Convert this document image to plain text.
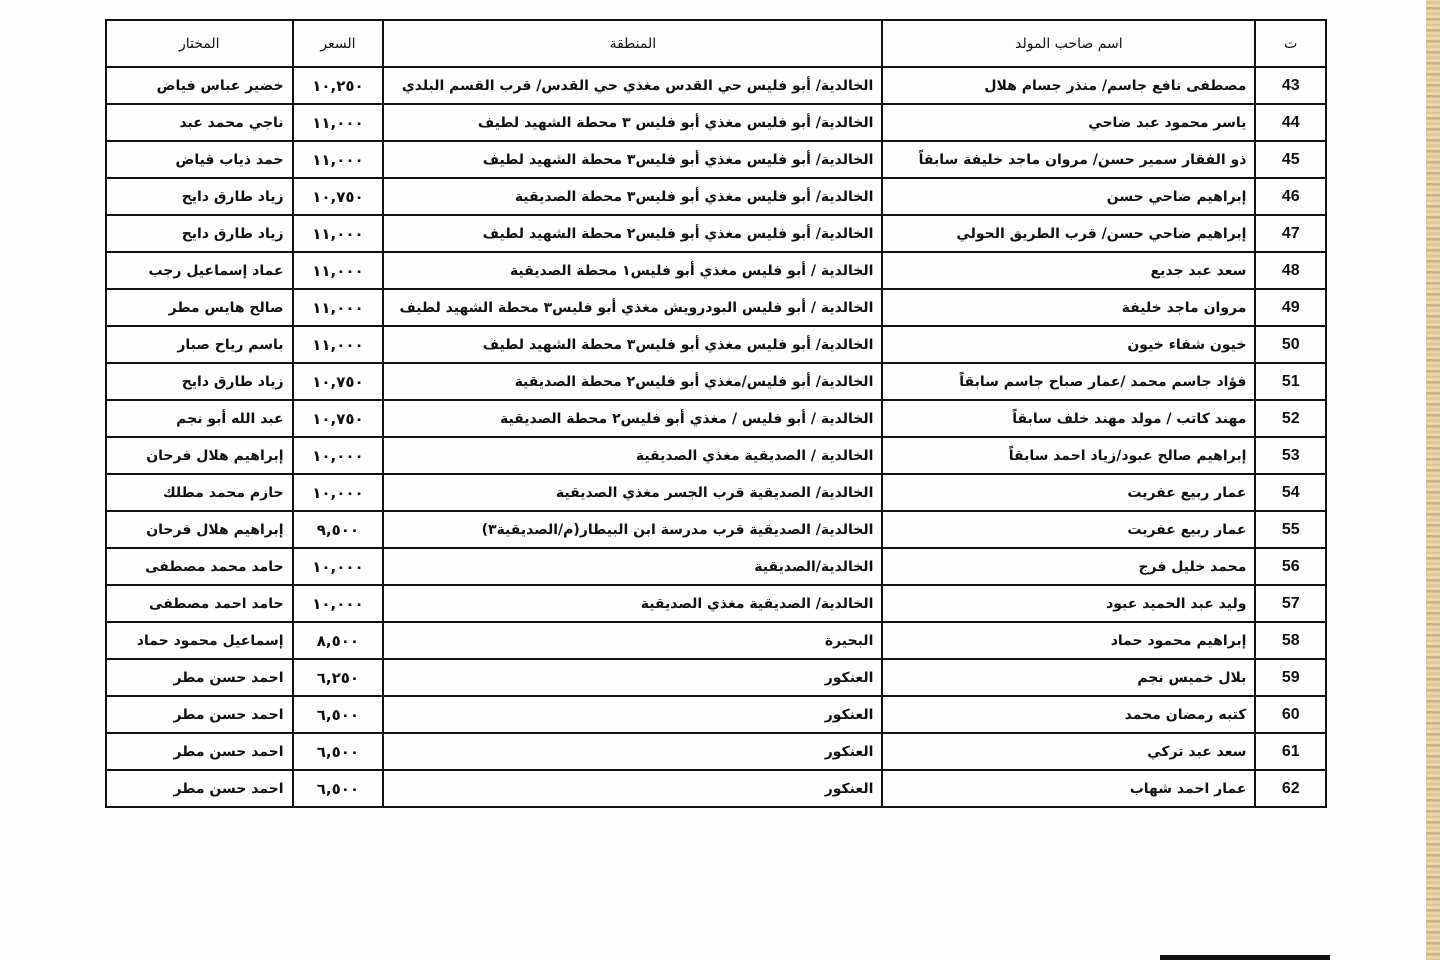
ت	اسم صاحب المولد	المنطقة	السعر	المختار
43	مصطفى نافع جاسم/ منذر جسام هلال	الخالدية/ أبو فليس حي القدس مغذي حي القدس/ قرب القسم البلدي	١٠,٢٥٠	خضير عباس فياض
44	ياسر محمود عبد ضاحي	الخالدية/ أبو فليس مغذي أبو فليس ٣ محطة الشهيد لطيف	١١,٠٠٠	ناجي محمد عبد
45	ذو الفقار سمير حسن/ مروان ماجد خليفة سابقاً	الخالدية/ أبو فليس مغذي أبو فليس٣ محطة الشهيد لطيف	١١,٠٠٠	حمد ذياب فياض
46	إبراهيم ضاحي حسن	الخالدية/ أبو فليس مغذي أبو فليس٣ محطة الصديقية	١٠,٧٥٠	زياد طارق دايح
47	إبراهيم ضاحي حسن/ قرب الطريق الحولي	الخالدية/ أبو فليس مغذي أبو فليس٢ محطة الشهيد لطيف	١١,٠٠٠	زياد طارق دايح
48	سعد عبد جديع	الخالدية / أبو فليس مغذي أبو فليس١ محطة الصديقية	١١,٠٠٠	عماد إسماعيل رجب
49	مروان ماجد خليفة	الخالدية / أبو فليس البودرويش مغذي أبو فليس٣ محطة الشهيد لطيف	١١,٠٠٠	صالح هايس مطر
50	خيون شفاء خيون	الخالدية/ أبو فليس مغذي أبو فليس٣ محطة الشهيد لطيف	١١,٠٠٠	باسم رياح صبار
51	فؤاد جاسم محمد /عمار صباح جاسم سابقاً	الخالدية/ أبو فليس/مغذي أبو فليس٢ محطة الصديقية	١٠,٧٥٠	زياد طارق دايح
52	مهند كاتب / مولد مهند خلف سابقاً	الخالدية / أبو فليس / مغذي أبو فليس٢ محطة الصديقية	١٠,٧٥٠	عبد الله أبو نجم
53	إبراهيم صالح عبود/زياد احمد سابقاً	الخالدية / الصديقية مغذي الصديقية	١٠,٠٠٠	إبراهيم هلال فرحان
54	عمار ربيع عفريت	الخالدية/ الصديقية قرب الجسر مغذي الصديقية	١٠,٠٠٠	حازم محمد مطلك
55	عمار ربيع عفريت	الخالدية/ الصديقية قرب مدرسة ابن البيطار(م/الصديقية٣)	٩,٥٠٠	إبراهيم هلال فرحان
56	محمد خليل فرج	الخالدية/الصديقية	١٠,٠٠٠	حامد محمد مصطفى
57	وليد عبد الحميد عبود	الخالدية/ الصديقية مغذي الصديقية	١٠,٠٠٠	حامد احمد مصطفى
58	إبراهيم محمود حماد	البحيرة	٨,٥٠٠	إسماعيل محمود حماد
59	بلال خميس نجم	العنكور	٦,٢٥٠	احمد حسن مطر
60	كتبه رمضان محمد	العنكور	٦,٥٠٠	احمد حسن مطر
61	سعد عبد تركي	العنكور	٦,٥٠٠	احمد حسن مطر
62	عمار احمد شهاب	العنكور	٦,٥٠٠	احمد حسن مطر
